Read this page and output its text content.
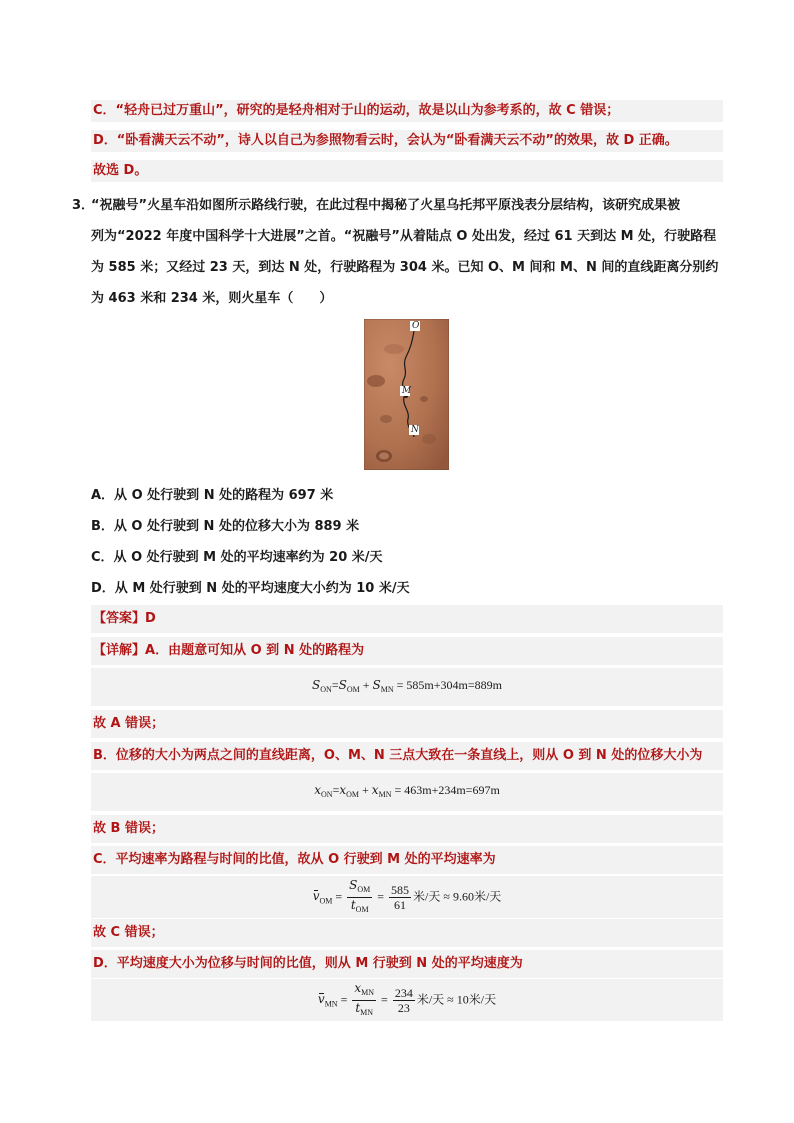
C．“轻舟已过万重山”，研究的是轻舟相对于山的运动，故是以山为参考系的，故 C 错误；
D．“卧看满天云不动”，诗人以自己为参照物看云时，会认为“卧看满天云不动”的效果，故 D 正确。
故选 D。
3．
“祝融号”火星车沿如图所示路线行驶，在此过程中揭秘了火星乌托邦平原浅表分层结构，该研究成果被
列为“2022 年度中国科学十大进展”之首。“祝融号”从着陆点 O 处出发，经过 61 天到达 M 处，行驶路程
为 585 米；又经过 23 天，到达 N 处，行驶路程为 304 米。已知 O、M 间和 M、N 间的直线距离分别约
为 463 米和 234 米，则火星车（　　）
O
M
N
A．从 O 处行驶到 N 处的路程为 697 米
B．从 O 处行驶到 N 处的位移大小为 889 米
C．从 O 处行驶到 M 处的平均速率约为 20 米/天
D．从 M 处行驶到 N 处的平均速度大小约为 10 米/天
【答案】D
【详解】A．由题意可知从 O 到 N 处的路程为
$S_{ON}=S_{OM} + S_{MN} = 585m+304m=889m$
故 A 错误；
B．位移的大小为两点之间的直线距离，O、M、N 三点大致在一条直线上，则从 O 到 N 处的位移大小为
$x_{ON}=x_{OM} + x_{MN} = 463m+234m=697m$
故 B 错误；
C．平均速率为路程与时间的比值，故从 O 行驶到 M 处的平均速率为
$v_{OM} = \frac{S_{OM}}{t_{OM}} = \frac{585}{61}$ 米/天 ≈ 9.60米/天
故 C 错误；
D．平均速度大小为位移与时间的比值，则从 M 行驶到 N 处的平均速度为
$v_{MN} = \frac{x_{MN}}{t_{MN}} = \frac{234}{23}$ 米/天 ≈ 10米/天
